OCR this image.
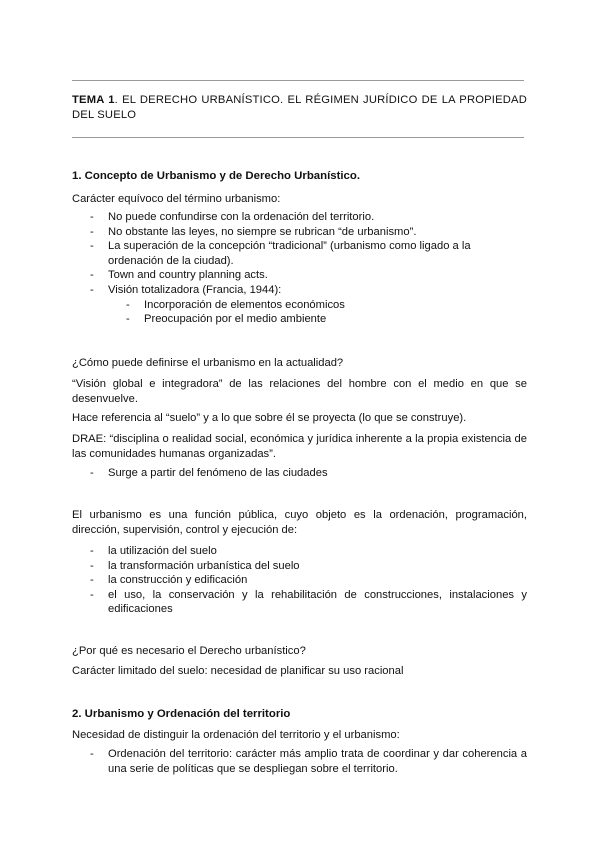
TEMA 1. EL DERECHO URBANÍSTICO. EL RÉGIMEN JURÍDICO DE LA PROPIEDAD DEL SUELO
1. Concepto de Urbanismo y de Derecho Urbanístico.

Carácter equívoco del término urbanismo:

- No puede confundirse con la ordenación del territorio.
- No obstante las leyes, no siempre se rubrican “de urbanismo”.
- La superación de la concepción “tradicional” (urbanismo como ligado a la ordenación de la ciudad).
- Town and country planning acts.
- Visión totalizadora (Francia, 1944):
- Incorporación de elementos económicos
- Preocupación por el medio ambiente

¿Cómo puede definirse el urbanismo en la actualidad?

“Visión global e integradora” de las relaciones del hombre con el medio en que se desenvuelve.

Hace referencia al “suelo” y a lo que sobre él se proyecta (lo que se construye).

DRAE: “disciplina o realidad social, económica y jurídica inherente a la propia existencia de las comunidades humanas organizadas”.

- Surge a partir del fenómeno de las ciudades

El urbanismo es una función pública, cuyo objeto es la ordenación, programación, dirección, supervisión, control y ejecución de:

- la utilización del suelo
- la transformación urbanística del suelo
- la construcción y edificación
- el uso, la conservación y la rehabilitación de construcciones, instalaciones y edificaciones

¿Por qué es necesario el Derecho urbanístico?

Carácter limitado del suelo: necesidad de planificar su uso racional

2. Urbanismo y Ordenación del territorio

Necesidad de distinguir la ordenación del territorio y el urbanismo:

- Ordenación del territorio: carácter más amplio trata de coordinar y dar coherencia a una serie de políticas que se despliegan sobre el territorio.
